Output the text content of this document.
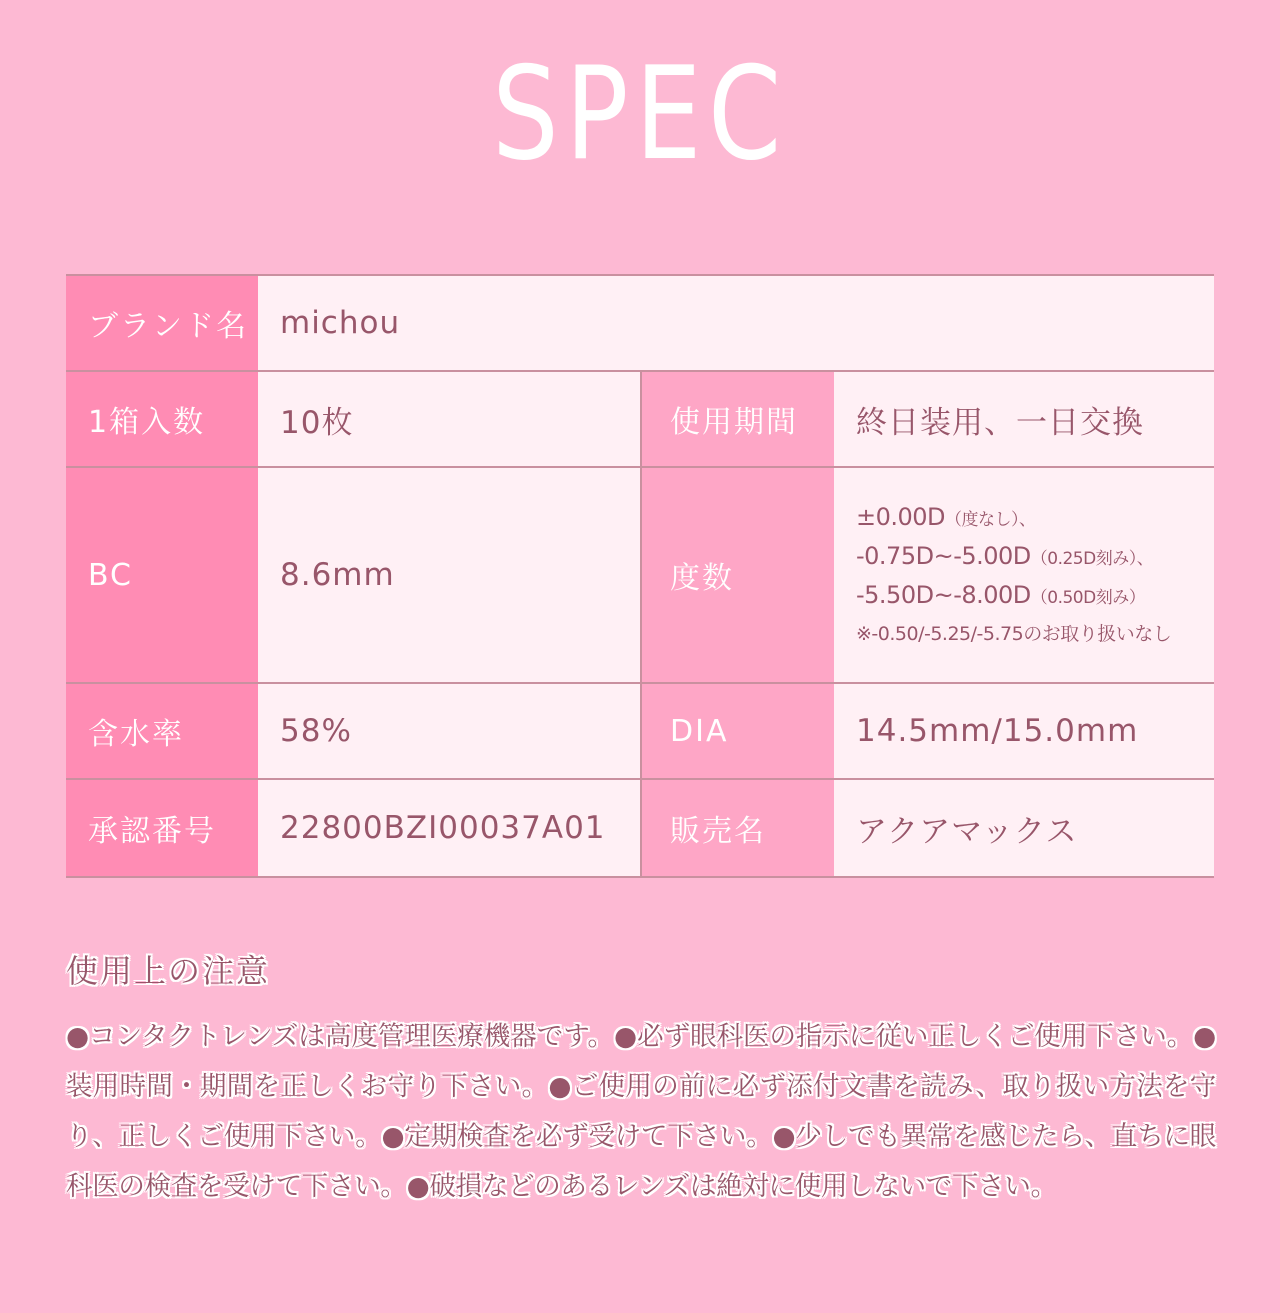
SPEC
ブランド名	michou
1箱入数	10枚	使用期間	終日装用、一日交換
BC	8.6mm	度数
±0.00D（度なし）、
-0.75D~-5.00D（0.25D刻み）、
-5.50D~-8.00D（0.50D刻み）
※-0.50/-5.25/-5.75のお取り扱いなし
含水率	58%	DIA	14.5mm/15.0mm
承認番号	22800BZI00037A01	販売名	アクアマックス
使用上の注意
●コンタクトレンズは高度管理医療機器です。●必ず眼科医の指示に従い正しくご使用下さい。●装用時間・期間を正しくお守り下さい。●ご使用の前に必ず添付文書を読み、取り扱い方法を守り、正しくご使用下さい。●定期検査を必ず受けて下さい。●少しでも異常を感じたら、直ちに眼科医の検査を受けて下さい。●破損などのあるレンズは絶対に使用しないで下さい。
